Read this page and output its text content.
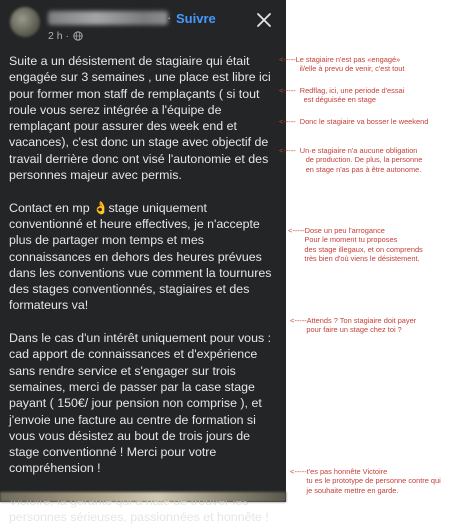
· Suivre
2 h ·

Suite a un désistement de stagiaire qui était engagée sur 3 semaines , une place est libre ici pour former mon staff de remplaçants ( si tout roule vous serez intégrée a l'équipe de remplaçant pour assurer des week end et vacances), c'est donc un stage avec objectif de travail derrière donc ont visé l'autonomie et des personnes majeur avec permis.

Contact en mp 👌stage uniquement conventionné et heure effectives, je n'accepte plus de partager mon temps et mes connaissances en dehors des heures prévues dans les conventions vue comment la tournures des stages conventionnés, stagiaires et des formateurs va!

Dans le cas d'un intérêt uniquement pour vous : cad apport de connaissances et d'expérience sans rendre service et s'engager sur trois semaines, merci de passer par la case stage payant ( 150€/ jour pension non comprise ), et j'envoie une facture au centre de formation si vous vous désistez au bout de trois jours de stage conventionné ! Merci pour votre compréhension !

personnes sérieuses, passionnées et honnête !

<-----Le stagiaire n'est pas «engagé»
il/elle à prevu de venir, c'est tout
<-----  Redflag, ici, une periode d'essai
est déguisée en stage
<-----  Donc le stagiaire va bosser le weekend
<-----  Un·e stagiaire n'a aucune obligation
de production. De plus, la personne
en stage n'as pas à être autonome.
<-----Dose un peu l'arrogance
Pour le moment tu proposes
des stage illegaux, et on comprends
très bien d'où viens le désistement.
<-----Attends ? Ton stagiaire doit payer
pour faire un stage chez toi ?
<-----t'es pas honnête Victoire
tu es le prototype de personne contre qui
je souhaite mettre en garde.
